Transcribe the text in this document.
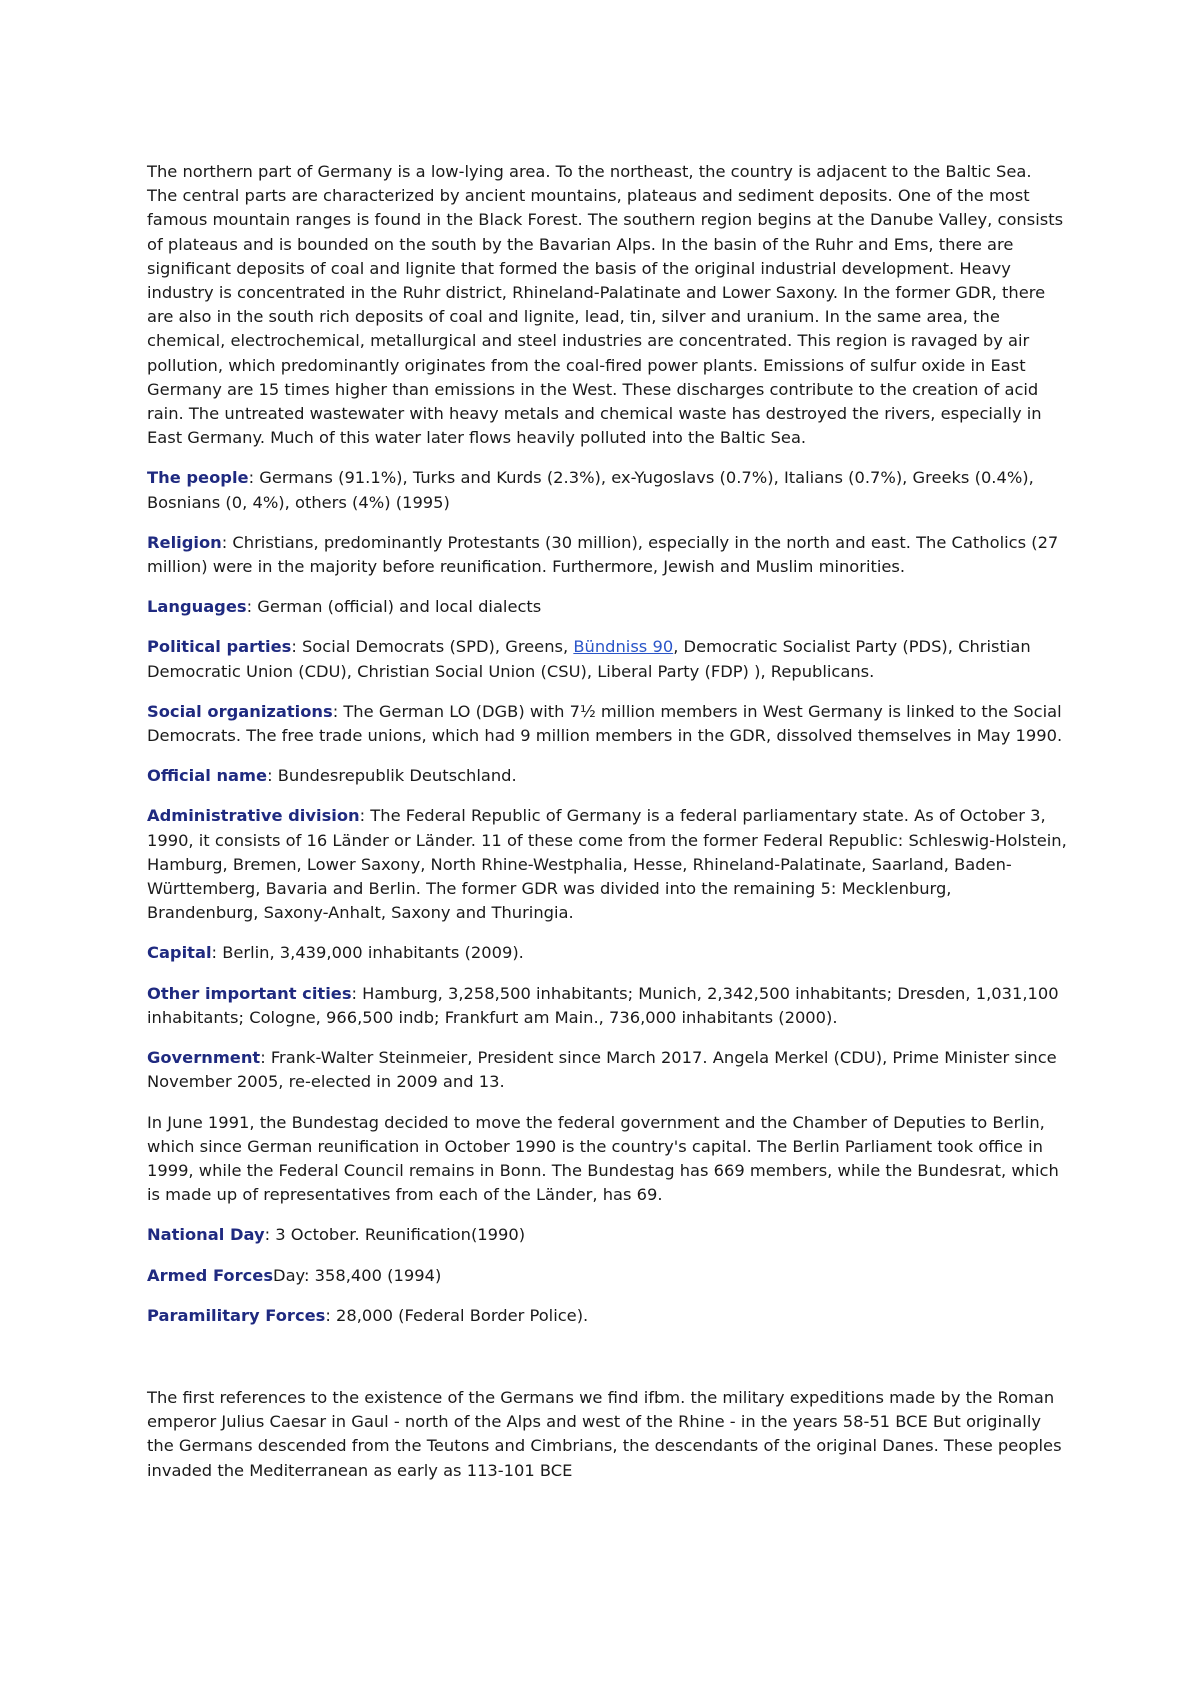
The northern part of Germany is a low-lying area. To the northeast, the country is adjacent to the Baltic Sea. The central parts are characterized by ancient mountains, plateaus and sediment deposits. One of the most famous mountain ranges is found in the Black Forest. The southern region begins at the Danube Valley, consists of plateaus and is bounded on the south by the Bavarian Alps. In the basin of the Ruhr and Ems, there are significant deposits of coal and lignite that formed the basis of the original industrial development. Heavy industry is concentrated in the Ruhr district, Rhineland-Palatinate and Lower Saxony. In the former GDR, there are also in the south rich deposits of coal and lignite, lead, tin, silver and uranium. In the same area, the chemical, electrochemical, metallurgical and steel industries are concentrated. This region is ravaged by air pollution, which predominantly originates from the coal-fired power plants. Emissions of sulfur oxide in East Germany are 15 times higher than emissions in the West. These discharges contribute to the creation of acid rain. The untreated wastewater with heavy metals and chemical waste has destroyed the rivers, especially in East Germany. Much of this water later flows heavily polluted into the Baltic Sea.

The people: Germans (91.1%), Turks and Kurds (2.3%), ex-Yugoslavs (0.7%), Italians (0.7%), Greeks (0.4%), Bosnians (0, 4%), others (4%) (1995)

Religion: Christians, predominantly Protestants (30 million), especially in the north and east. The Catholics (27 million) were in the majority before reunification. Furthermore, Jewish and Muslim minorities.

Languages: German (official) and local dialects

Political parties: Social Democrats (SPD), Greens, Bündniss 90, Democratic Socialist Party (PDS), Christian Democratic Union (CDU), Christian Social Union (CSU), Liberal Party (FDP) ), Republicans.

Social organizations: The German LO (DGB) with 7½ million members in West Germany is linked to the Social Democrats. The free trade unions, which had 9 million members in the GDR, dissolved themselves in May 1990.

Official name: Bundesrepublik Deutschland.

Administrative division: The Federal Republic of Germany is a federal parliamentary state. As of October 3, 1990, it consists of 16 Länder or Länder. 11 of these come from the former Federal Republic: Schleswig-Holstein, Hamburg, Bremen, Lower Saxony, North Rhine-Westphalia, Hesse, Rhineland-Palatinate, Saarland, Baden-Württemberg, Bavaria and Berlin. The former GDR was divided into the remaining 5: Mecklenburg, Brandenburg, Saxony-Anhalt, Saxony and Thuringia.

Capital: Berlin, 3,439,000 inhabitants (2009).

Other important cities: Hamburg, 3,258,500 inhabitants; Munich, 2,342,500 inhabitants; Dresden, 1,031,100 inhabitants; Cologne, 966,500 indb; Frankfurt am Main., 736,000 inhabitants (2000).

Government: Frank-Walter Steinmeier, President since March 2017. Angela Merkel (CDU), Prime Minister since November 2005, re-elected in 2009 and 13.

In June 1991, the Bundestag decided to move the federal government and the Chamber of Deputies to Berlin, which since German reunification in October 1990 is the country's capital. The Berlin Parliament took office in 1999, while the Federal Council remains in Bonn. The Bundestag has 669 members, while the Bundesrat, which is made up of representatives from each of the Länder, has 69.

National Day: 3 October. Reunification(1990)

Armed ForcesDay: 358,400 (1994)

Paramilitary Forces: 28,000 (Federal Border Police).

The first references to the existence of the Germans we find ifbm. the military expeditions made by the Roman emperor Julius Caesar in Gaul - north of the Alps and west of the Rhine - in the years 58-51 BCE But originally the Germans descended from the Teutons and Cimbrians, the descendants of the original Danes. These peoples invaded the Mediterranean as early as 113-101 BCE
